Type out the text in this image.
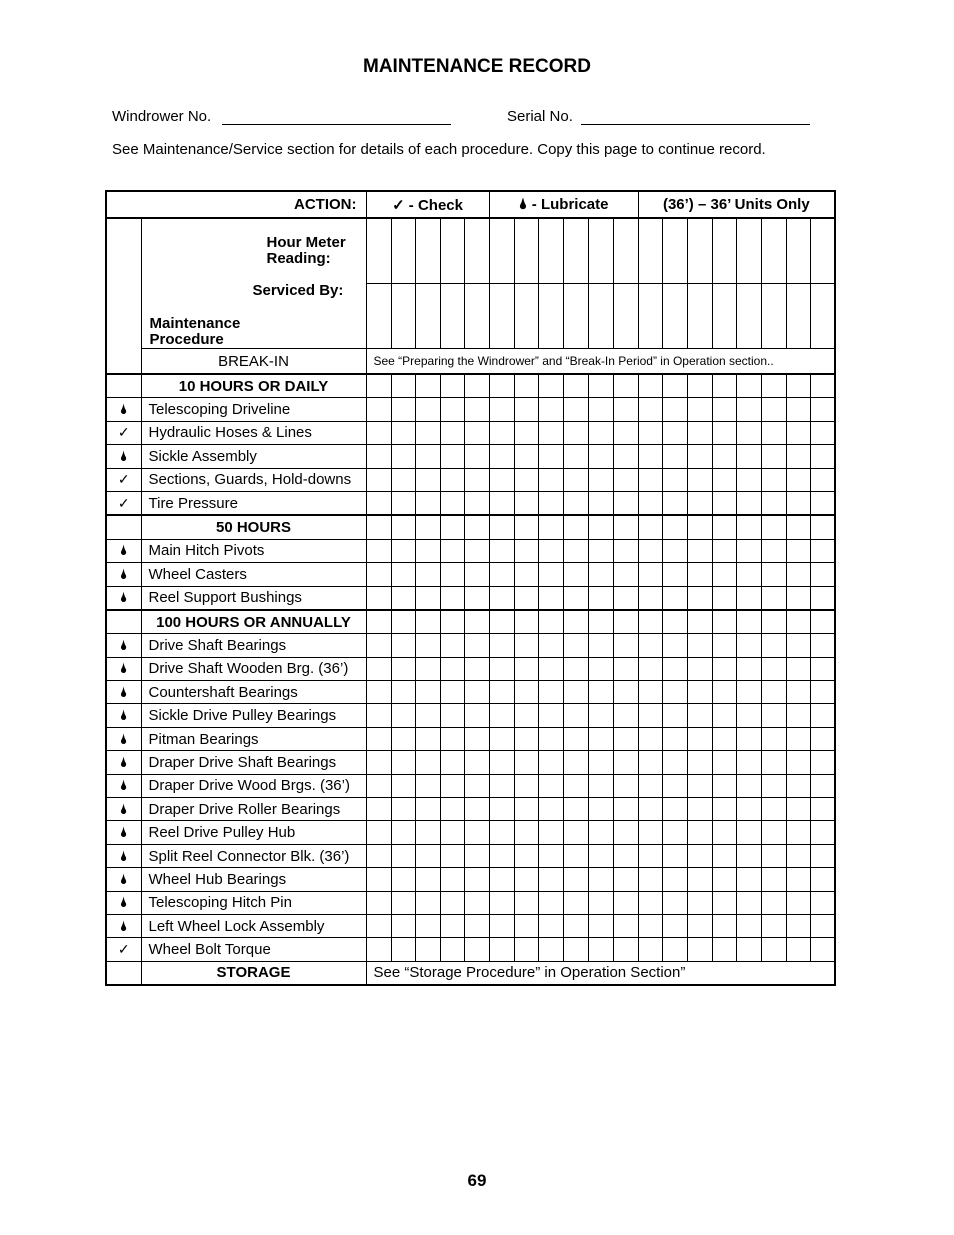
MAINTENANCE RECORD
Windrower No.	Serial No.
See Maintenance/Service section for details of each procedure. Copy this page to continue record.
ACTION:		✓ - Check					🌢 - Lubricate						(36’) – 36’ Units Only							

	Hour Meter
Reading:
Serviced By:
Maintenance
Procedure																			

	BREAK-IN	See “Preparing the Windrower” and “Break-In Period” in Operation section..																		
	10 HOURS OR DAILY																			
🌢	Telescoping Driveline																			
✓	Hydraulic Hoses & Lines																			
🌢	Sickle Assembly																			
✓	Sections, Guards, Hold-downs																			
✓	Tire Pressure																			
	50 HOURS																			
🌢	Main Hitch Pivots																			
🌢	Wheel Casters																			
🌢	Reel Support Bushings																			
	100 HOURS OR ANNUALLY																			
🌢	Drive Shaft Bearings																			
🌢	Drive Shaft Wooden Brg. (36’)																			
🌢	Countershaft Bearings																			
🌢	Sickle Drive Pulley Bearings																			
🌢	Pitman Bearings																			
🌢	Draper Drive Shaft Bearings																			
🌢	Draper Drive Wood Brgs. (36’)																			
🌢	Draper Drive Roller Bearings																			
🌢	Reel Drive Pulley Hub																			
🌢	Split Reel Connector Blk. (36’)																			
🌢	Wheel Hub Bearings																			
🌢	Telescoping Hitch Pin																			
🌢	Left Wheel Lock Assembly																			
✓	Wheel Bolt Torque																			
	STORAGE	See “Storage Procedure” in Operation Section”																		
69
